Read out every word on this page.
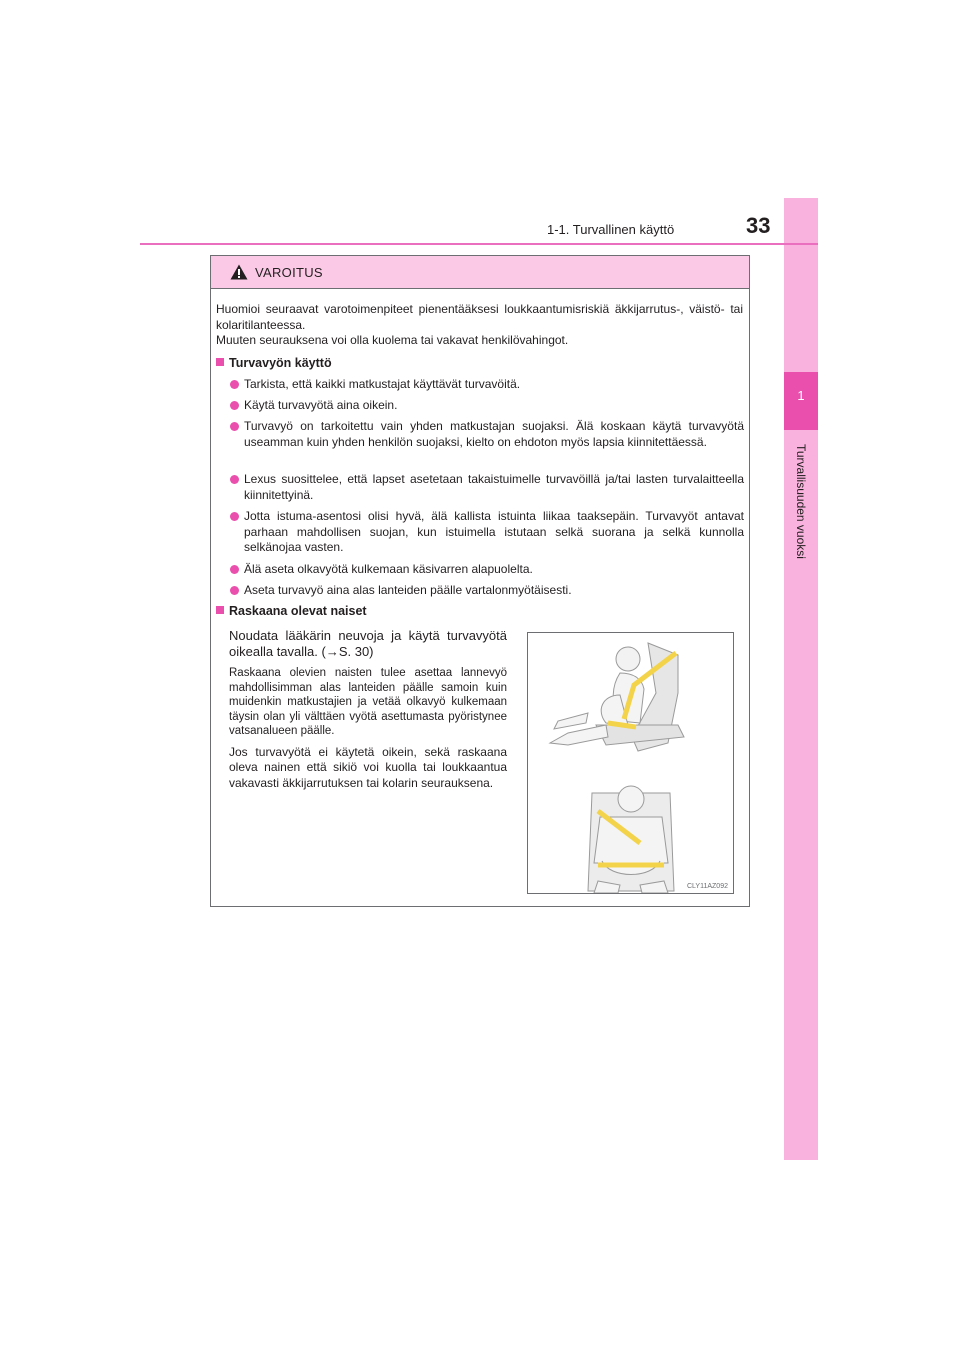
1
Turvallisuuden vuoksi
1-1. Turvallinen käyttö	33
VAROITUS
Huomioi seuraavat varotoimenpiteet pienentääksesi loukkaantumisriskiä äkkijarrutus-, väistö- tai kolaritilanteessa.
Muuten seurauksena voi olla kuolema tai vakavat henkilövahingot.
Turvavyön käyttö
Tarkista, että kaikki matkustajat käyttävät turvavöitä.
Käytä turvavyötä aina oikein.
Turvavyö on tarkoitettu vain yhden matkustajan suojaksi. Älä koskaan käytä turvavyötä useamman kuin yhden henkilön suojaksi, kielto on ehdoton myös lapsia kiinnitettäessä.
Lexus suosittelee, että lapset asetetaan takaistuimelle turvavöillä ja/tai lasten turvalaitteella kiinnitettyinä.
Jotta istuma-asentosi olisi hyvä, älä kallista istuinta liikaa taaksepäin. Turvavyöt antavat parhaan mahdollisen suojan, kun istuimella istutaan selkä suorana ja selkä kunnolla selkänojaa vasten.
Älä aseta olkavyötä kulkemaan käsivarren alapuolelta.
Aseta turvavyö aina alas lanteiden päälle vartalonmyötäisesti.
Raskaana olevat naiset

Noudata lääkärin neuvoja ja käytä turvavyötä oikealla tavalla. (→S. 30)

Raskaana olevien naisten tulee asettaa lannevyö mahdollisimman alas lanteiden päälle samoin kuin muidenkin matkustajien ja vetää olkavyö kulkemaan täysin olan yli välttäen vyötä asettumasta pyöristynee vatsanalueen päälle.

Jos turvavyötä ei käytetä oikein, sekä raskaana oleva nainen että sikiö voi kuolla tai loukkaantua vakavasti äkkijarrutuksen tai kolarin seurauksena.

CLY11AZ092
